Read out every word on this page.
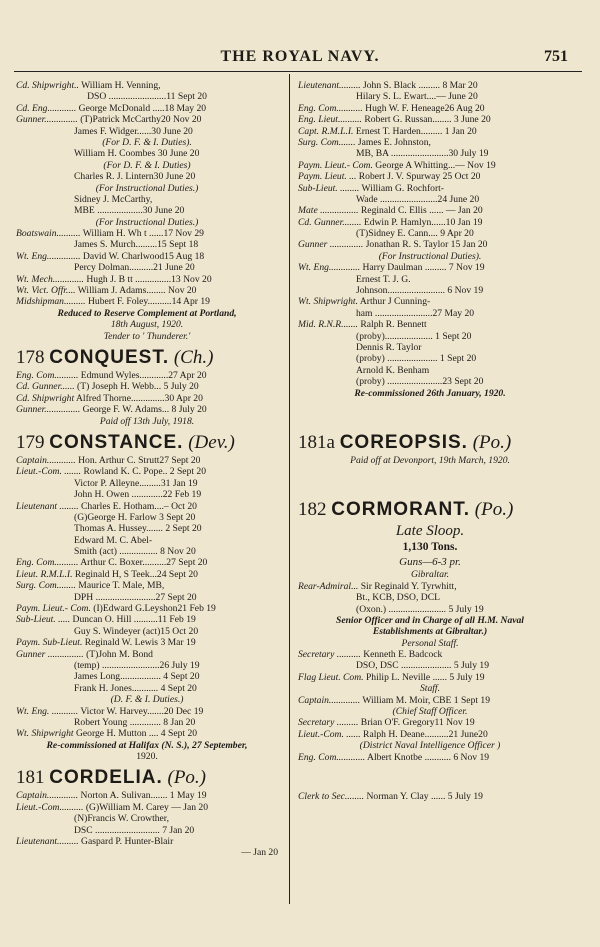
THE ROYAL NAVY.	751
Cd. Shipwright.. William H. Venning,
DSO ........................11 Sept 20
Cd. Eng............ George McDonald .....18 May 20
Gunner.............. (T)Patrick McCarthy20 Nov 20
James F. Widger......30 June 20
(For D. F. & I. Duties).
William H. Coombes 30 June 20
(For D. F. & I. Duties)
Charles R. J. Lintern30 June 20
(For Instructional Duties.)
Sidney J. McCarthy,
MBE ...................30 June 20
(For Instructional Duties.)
Boatswain.......... William H. Wh t ......17 Nov 29
James S. Murch.........15 Sept 18
Wt. Eng.............. David W. Charlwood15 Aug 18
Percy Dolman..........21 June 20
Wt. Mech............. Hugh J. B tt ...............13 Nov 20
Wt. Vict. Offr.... William J. Adams........ Nov 20
Midshipman......... Hubert F. Foley..........14 Apr 19
Reduced to Reserve Complement at Portland,
18th August, 1920.
Tender to ' Thunderer.'
178 CONQUEST. (Ch.)
Eng. Com.......... Edmund Wyles............27 Apr 20
Cd. Gunner...... (T) Joseph H. Webb... 5 July 20
Cd. Shipwright Alfred Thorne..............30 Apr 20
Gunner............... George F. W. Adams... 8 July 20
Paid off 13th July, 1918.
179 CONSTANCE. (Dev.)
Captain............ Hon. Arthur C. Strutt27 Sept 20
Lieut.-Com. ....... Rowland K. C. Pope.. 2 Sept 20
Victor P. Alleyne.........31 Jan 19
John H. Owen .............22 Feb 19
Lieutenant ........ Charles E. Hotham....– Oct 20
(G)George H. Farlow 3 Sept 20
Thomas A. Hussey....... 2 Sept 20
Edward M. C. Abel-
Smith (act) ................ 8 Nov 20
Eng. Com.......... Arthur C. Boxer..........27 Sept 20
Lieut. R.M.L.I. Reginald H, S Teek...24 Sept 20
Surg. Com........ Maurice T. Male, MB,
DPH .........................27 Sept 20
Paym. Lieut.- Com. (I)Edward G.Leyshon21 Feb 19
Sub-Lieut. ..... Duncan O. Hill ..........11 Feb 19
Guy S. Windeyer (act)15 Oct 20
Paym. Sub-Lieut. Reginald W. Lewis 3 Mar 19
Gunner ............... (T)John M. Bond
(temp) ........................26 July 19
James Long................. 4 Sept 20
Frank H. Jones........... 4 Sept 20
(D. F. & I. Duties.)
Wt. Eng. ........... Victor W. Harvey.......20 Dec 19
Robert Young ............. 8 Jan 20
Wt. Shipwright George H. Mutton .... 4 Sept 20
Re-commissioned at Halifax (N. S.), 27 September,
1920.
181 CORDELIA. (Po.)
Captain............. Norton A. Sulivan....... 1 May 19
Lieut.-Com.......... (G)William M. Carey — Jan 20
(N)Francis W. Crowther,
DSC ........................... 7 Jan 20
Lieutenant......... Gaspard P. Hunter-Blair
— Jan 20
Lieutenant......... John S. Black ......... 8 Mar 20
Hilary S. L. Ewart....— June 20
Eng. Com........... Hugh W. F. Heneage26 Aug 20
Eng. Lieut.......... Robert G. Russan........ 3 June 20
Capt. R.M.L.I. Ernest T. Harden......... 1 Jan 20
Surg. Com....... James E. Johnston,
MB, BA ........................30 July 19
Paym. Lieut.- Com. George A Whitting...— Nov 19
Paym. Lieut. ... Robert J. V. Spurway 25 Oct 20
Sub-Lieut. ........ William G. Rochfort-
Wade ........................24 June 20
Mate ................ Reginald C. Ellis ...... — Jan 20
Cd. Gunner........ Edwin P. Hamlyn......10 Jan 19
(T)Sidney E. Cann.... 9 Apr 20
Gunner .............. Jonathan R. S. Taylor 15 Jan 20
(For Instructional Duties).
Wt. Eng............. Harry Daulman ......... 7 Nov 19
Ernest T. J. G.
Johnson........................ 6 Nov 19
Wt. Shipwright. Arthur J Cunning-
ham ........................27 May 20
Mid. R.N.R....... Ralph R. Bennett
(proby).................... 1 Sept 20
Dennis R. Taylor
(proby) ..................... 1 Sept 20
Arnold K. Benham
(proby) .......................23 Sept 20
Re-commissioned 26th January, 1920.
181a COREOPSIS. (Po.)
Paid off at Devonport, 19th March, 1920.
182 CORMORANT. (Po.)
Late Sloop.
1,130 Tons.
Guns—6-3 pr.
Gibraltar.
Rear-Admiral... Sir Reginald Y. Tyrwhitt,
Bt., KCB, DSO, DCL
(Oxon.) ........................ 5 July 19
Senior Officer and in Charge of all H.M. Naval
Establishments at Gibraltar.)
Personal Staff.
Secretary .......... Kenneth E. Badcock
DSO, DSC ..................... 5 July 19
Flag Lieut. Com. Philip L. Neville ...... 5 July 19
Staff.
Captain............. William M. Moir, CBE 1 Sept 19
(Chief Staff Officer.
Secretary ......... Brian O'F. Gregory11 Nov 19
Lieut.-Com. ...... Ralph H. Deane..........21 June20
(District Naval Intelligence Officer )
Eng. Com............ Albert Knotbe ........... 6 Nov 19
Clerk to Sec........ Norman Y. Clay ...... 5 July 19
